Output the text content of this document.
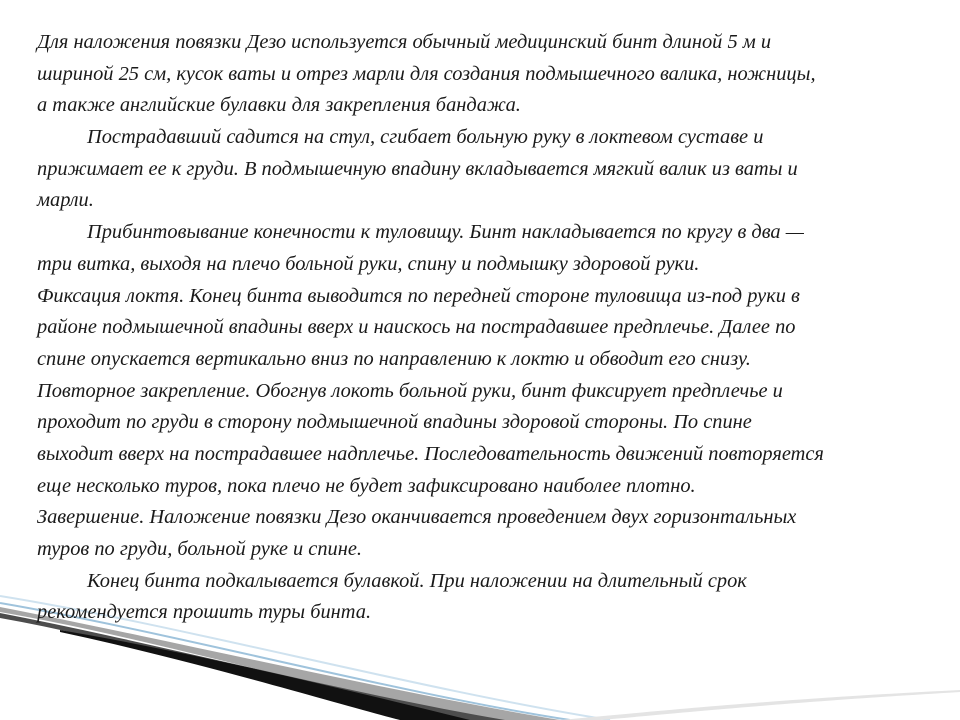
Для наложения повязки Дезо используется обычный медицинский бинт длиной 5 м и
шириной 25 см, кусок ваты и отрез марли для создания подмышечного валика, ножницы,
а также английские булавки для закрепления бандажа.
Пострадавший садится на стул, сгибает больную руку в локтевом суставе и
прижимает ее к груди. В подмышечную впадину вкладывается мягкий валик из ваты и
марли.
Прибинтовывание конечности к туловищу. Бинт накладывается по кругу в два —
три витка, выходя на плечо больной руки, спину и подмышку здоровой руки.
Фиксация локтя. Конец бинта выводится по передней стороне туловища из-под руки в
районе подмышечной впадины вверх и наискось на пострадавшее предплечье. Далее по
спине опускается вертикально вниз по направлению к локтю и обводит его снизу.
Повторное закрепление. Обогнув локоть больной руки, бинт фиксирует предплечье и
проходит по груди в сторону подмышечной впадины здоровой стороны. По спине
выходит вверх на пострадавшее надплечье. Последовательность движений повторяется
еще несколько туров, пока плечо не будет зафиксировано наиболее плотно.
Завершение. Наложение повязки Дезо оканчивается проведением двух горизонтальных
туров по груди, больной руке и спине.
Конец бинта подкалывается булавкой. При наложении на длительный срок
рекомендуется прошить туры бинта.
